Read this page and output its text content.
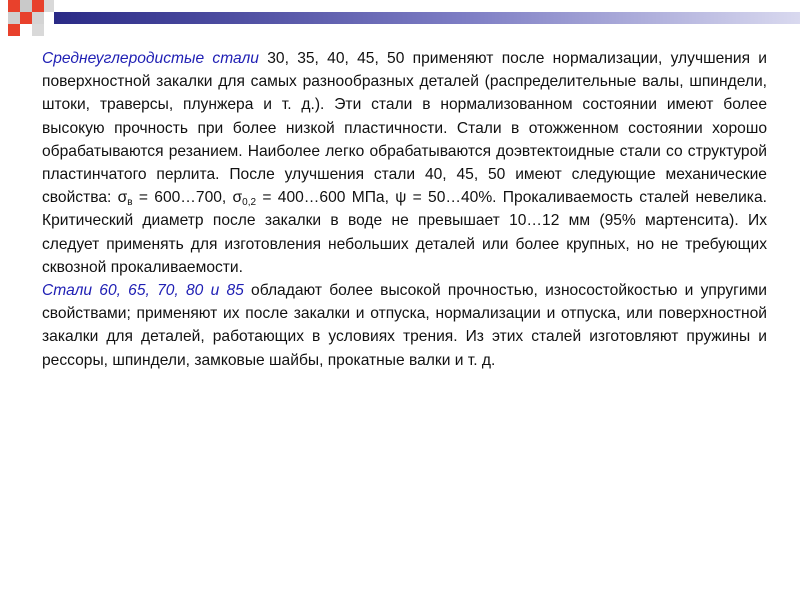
Среднеуглеродистые стали 30, 35, 40, 45, 50 применяют после нормализации, улучшения и поверхностной закалки для самых разнообразных деталей (распределительные валы, шпиндели, штоки, траверсы, плунжера и т. д.). Эти стали в нормализованном состоянии имеют более высокую прочность при более низкой пластичности. Стали в отожженном состоянии хорошо обрабатываются резанием. Наиболее легко обрабатываются доэвтектоидные стали со структурой пластинчатого перлита. После улучшения стали 40, 45, 50 имеют следующие механические свойства: $\sigma_в$ = 600…700, $\sigma_{0,2}$ = 400…600 МПа, ψ = 50…40%. Прокаливаемость сталей невелика. Критический диаметр после закалки в воде не превышает 10…12 мм (95% мартенсита). Их следует применять для изготовления небольших деталей или более крупных, но не требующих сквозной прокаливаемости.

Стали 60, 65, 70, 80 и 85 обладают более высокой прочностью, износостойкостью и упругими свойствами; применяют их после закалки и отпуска, нормализации и отпуска, или поверхностной закалки для деталей, работающих в условиях трения. Из этих сталей изготовляют пружины и рессоры, шпиндели, замковые шайбы, прокатные валки и т. д.
